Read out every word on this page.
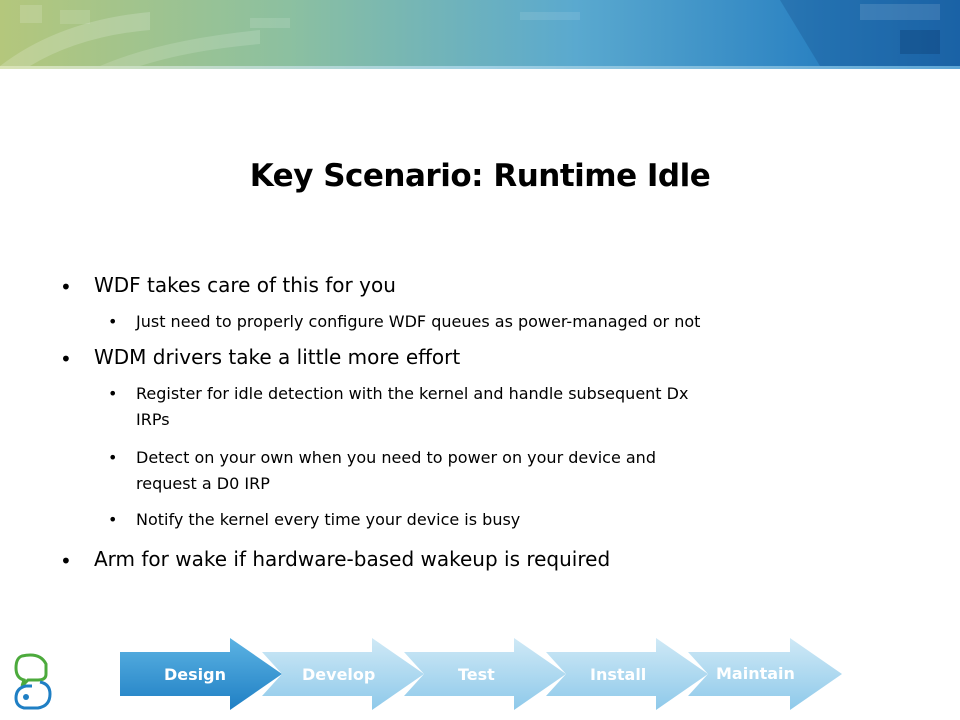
Key Scenario: Runtime Idle
• WDF takes care of this for you
• Just need to properly configure WDF queues as power-managed or not
• WDM drivers take a little more effort
• Register for idle detection with the kernel and handle subsequent Dx
IRPs
• Detect on your own when you need to power on your device and
request a D0 IRP
• Notify the kernel every time your device is busy
• Arm for wake if hardware-based wakeup is required
Design	Develop	Test	Install	Maintain
